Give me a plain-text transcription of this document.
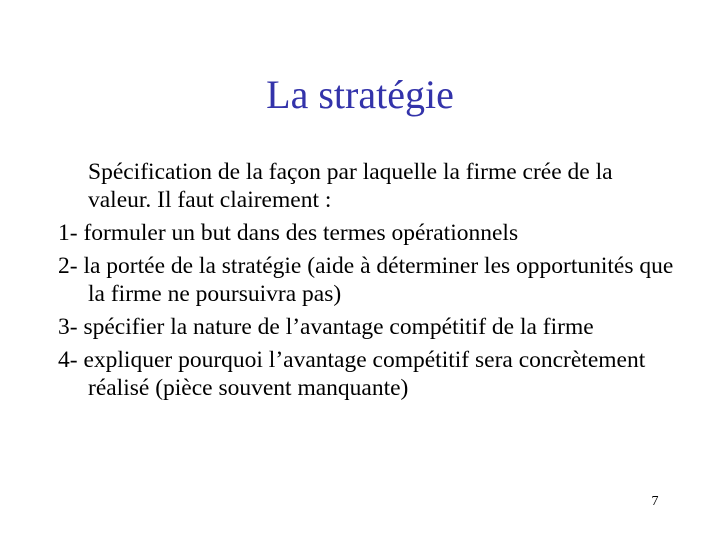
La stratégie

Spécification de la façon par laquelle la firme crée de la valeur. Il faut clairement :

1- formuler un but dans des termes opérationnels

2- la portée de la stratégie (aide à déterminer les opportunités que la firme ne poursuivra pas)

3- spécifier la nature de l’avantage compétitif de la firme

4- expliquer pourquoi l’avantage compétitif sera concrètement réalisé (pièce souvent manquante)

7
